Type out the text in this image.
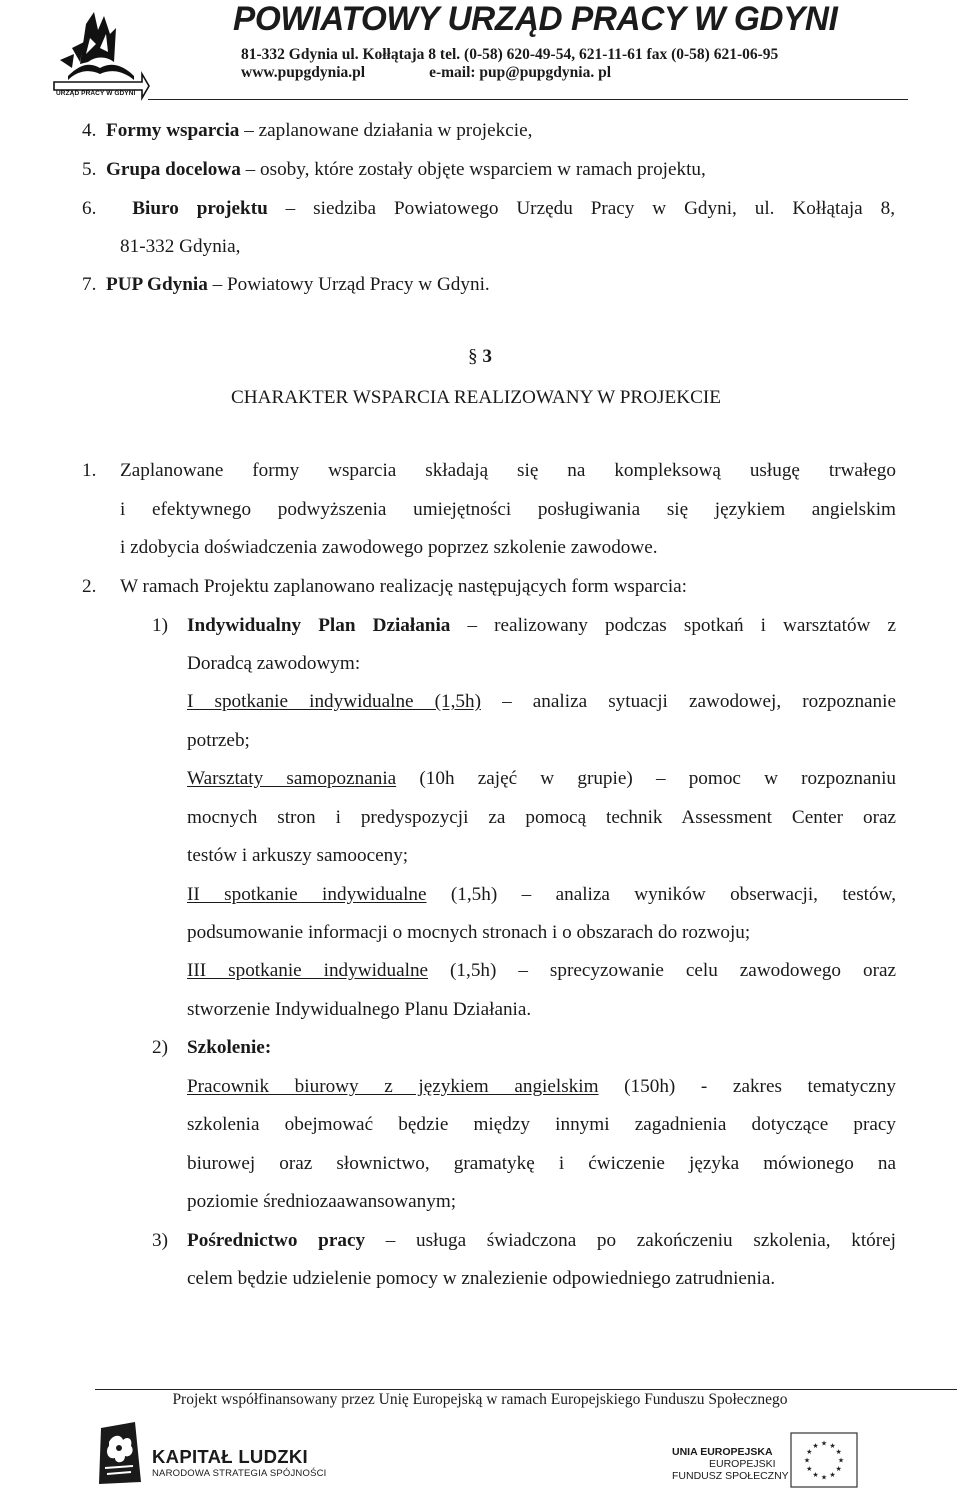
URZĄD PRACY W GDYNI
POWIATOWY URZĄD PRACY W GDYNI
81-332 Gdynia ul. Kołłątaja 8 tel. (0-58) 620-49-54, 621-11-61 fax (0-58) 621-06-95
www.pupgdynia.pl	e-mail: pup@pupgdynia. pl
4. Formy wsparcia – zaplanowane działania w projekcie,
5. Grupa docelowa – osoby, które zostały objęte wsparciem w ramach projektu,
6. Biuro projektu – siedziba Powiatowego Urzędu Pracy w Gdyni, ul. Kołłątaja 8,
81-332 Gdynia,
7. PUP Gdynia – Powiatowy Urząd Pracy w Gdyni.
§ 3
CHARAKTER WSPARCIA REALIZOWANY W PROJEKCIE
1. Zaplanowane formy wsparcia składają się na kompleksową usługę trwałego
i efektywnego podwyższenia umiejętności posługiwania się językiem angielskim
i zdobycia doświadczenia zawodowego poprzez szkolenie zawodowe.
2. W ramach Projektu zaplanowano realizację następujących form wsparcia:
1) Indywidualny Plan Działania – realizowany podczas spotkań i warsztatów z
Doradcą zawodowym:
I spotkanie indywidualne (1,5h) – analiza sytuacji zawodowej, rozpoznanie
potrzeb;
Warsztaty samopoznania (10h zajęć w grupie) – pomoc w rozpoznaniu
mocnych stron i predyspozycji za pomocą technik Assessment Center oraz
testów i arkuszy samooceny;
II spotkanie indywidualne (1,5h) – analiza wyników obserwacji, testów,
podsumowanie informacji o mocnych stronach i o obszarach do rozwoju;
III spotkanie indywidualne (1,5h) – sprecyzowanie celu zawodowego oraz
stworzenie Indywidualnego Planu Działania.
2) Szkolenie:
Pracownik biurowy z językiem angielskim (150h) - zakres tematyczny
szkolenia obejmować będzie między innymi zagadnienia dotyczące pracy
biurowej oraz słownictwo, gramatykę i ćwiczenie języka mówionego na
poziomie średniozaawansowanym;
3) Pośrednictwo pracy – usługa świadczona po zakończeniu szkolenia, której
celem będzie udzielenie pomocy w znalezienie odpowiedniego zatrudnienia.
Projekt współfinansowany przez Unię Europejską w ramach Europejskiego Funduszu Społecznego
KAPITAŁ LUDZKI
NARODOWA STRATEGIA SPÓJNOŚCI
UNIA EUROPEJSKA
EUROPEJSKI
FUNDUSZ SPOŁECZNY
★ ★
★
★
★
★
★
★
★
★
★
★
